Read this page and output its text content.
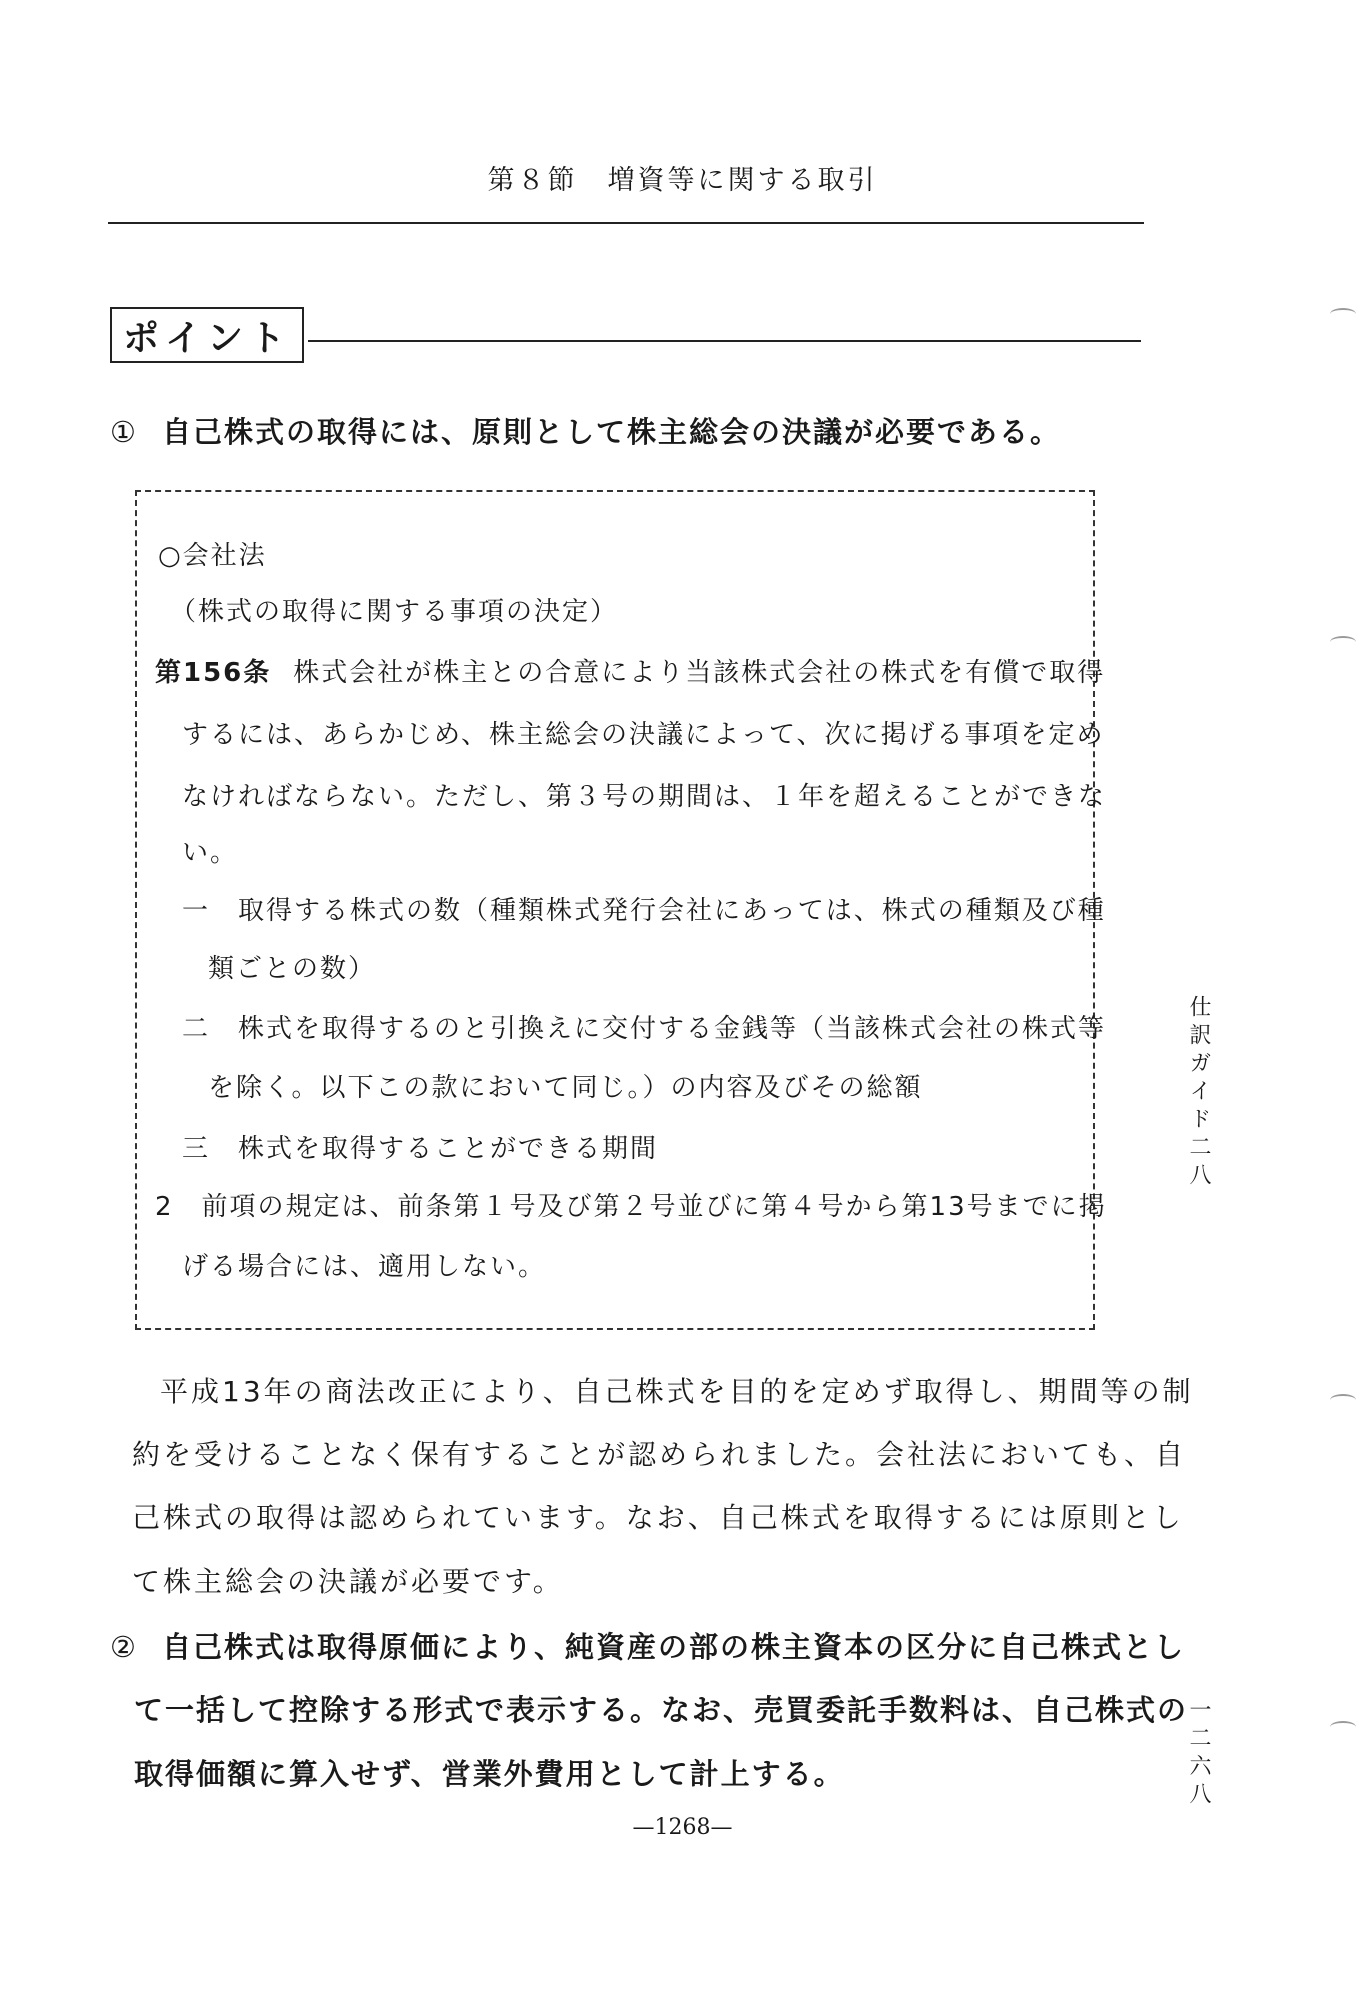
第８節　増資等に関する取引
ポイント
① 自己株式の取得には、原則として株主総会の決議が必要である。
○会社法
（株式の取得に関する事項の決定）
第156条 株式会社が株主との合意により当該株式会社の株式を有償で取得
するには、あらかじめ、株主総会の決議によって、次に掲げる事項を定め
なければならない。ただし、第３号の期間は、１年を超えることができな
い。
一　取得する株式の数（種類株式発行会社にあっては、株式の種類及び種
類ごとの数）
二　株式を取得するのと引換えに交付する金銭等（当該株式会社の株式等
を除く。以下この款において同じ。）の内容及びその総額
三　株式を取得することができる期間
2　前項の規定は、前条第１号及び第２号並びに第４号から第13号までに掲
げる場合には、適用しない。
平成13年の商法改正により、自己株式を目的を定めず取得し、期間等の制
約を受けることなく保有することが認められました。会社法においても、自
己株式の取得は認められています。なお、自己株式を取得するには原則とし
て株主総会の決議が必要です。
② 自己株式は取得原価により、純資産の部の株主資本の区分に自己株式とし
て一括して控除する形式で表示する。なお、売買委託手数料は、自己株式の
取得価額に算入せず、営業外費用として計上する。
—1268—
仕訳ガイド二八
一二六八
